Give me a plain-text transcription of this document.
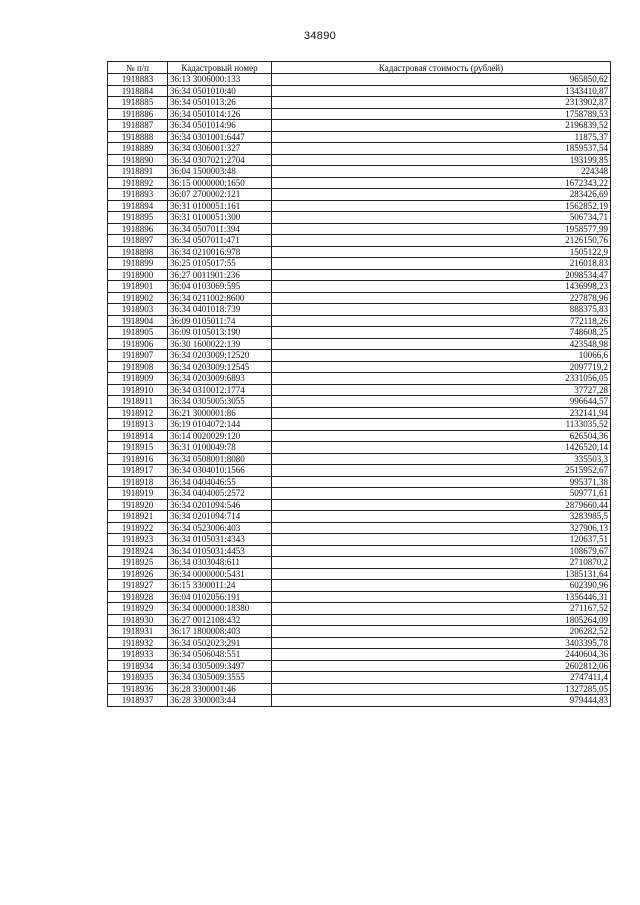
34890
№ п/п	Кадастровый номер	Кадастровая стоимость (рублей)
1918883	36:13 3006000:133	965850,62
1918884	36:34 0501010:40	1343410,87
1918885	36:34 0501013:26	2313902,87
1918886	36:34 0501014:126	1758789,53
1918887	36:34 0501014:96	2196839,52
1918888	36:34 0301001:6447	11875,37
1918889	36:34 0306001:327	1859537,54
1918890	36:34 0307021:2704	193199,85
1918891	36:04 1500003:48	224348
1918892	36:15 0000000:1650	1672343,22
1918893	36:07 2700002:121	283426,69
1918894	36:31 0100051:161	1562852,19
1918895	36:31 0100051:300	506734,71
1918896	36:34 0507011:394	1958577,99
1918897	36:34 0507011:471	2126150,76
1918898	36:34 0210016:978	1505122,9
1918899	36:25 0105017:55	216018,83
1918900	36:27 0011901:236	2098534,47
1918901	36:04 0103069:595	1436998,23
1918902	36:34 0211002:8600	227878,96
1918903	36:34 0401018:739	888375,83
1918904	36:09 0105011:74	772118,26
1918905	36:09 0105013:190	748608,25
1918906	36:30 1600022:139	423548,98
1918907	36:34 0203009:12520	10066,6
1918908	36:34 0203009:12545	2097719,2
1918909	36:34 0203009:6893	2331056,05
1918910	36:34 0310012:1774	37727,28
1918911	36:34 0305005:3055	996644,57
1918912	36:21 3000001:86	232141,94
1918913	36:19 0104072:144	1133035,52
1918914	36:14 0020029:120	626504,36
1918915	36:31 0100049:78	1426520,14
1918916	36:34 0508001:8080	335503,3
1918917	36:34 0304010:1566	2515952,67
1918918	36:34 0404046:55	995371,38
1918919	36:34 0404005:2572	509771,61
1918920	36:34 0201094:546	2879660,44
1918921	36:34 0201094:714	3283985,5
1918922	36:34 0523006:403	327906,13
1918923	36:34 0105031:4343	120637,51
1918924	36:34 0105031:4453	108679,67
1918925	36:34 0303048:611	2710870,2
1918926	36:34 0000000:5431	1385131,64
1918927	36:15 3300011:24	602390,96
1918928	36:04 0102056:191	1356446,31
1918929	36:34 0000000:18380	271167,52
1918930	36:27 0012108:432	1805264,09
1918931	36:17 1800008:403	206282,52
1918932	36:34 0502023:291	3403395,78
1918933	36:34 0506048:551	2440604,36
1918934	36:34 0305009:3497	2602812,06
1918935	36:34 0305009:3555	2747411,4
1918936	36:28 3300001:46	1327285,05
1918937	36:28 3300003:44	979444,83
